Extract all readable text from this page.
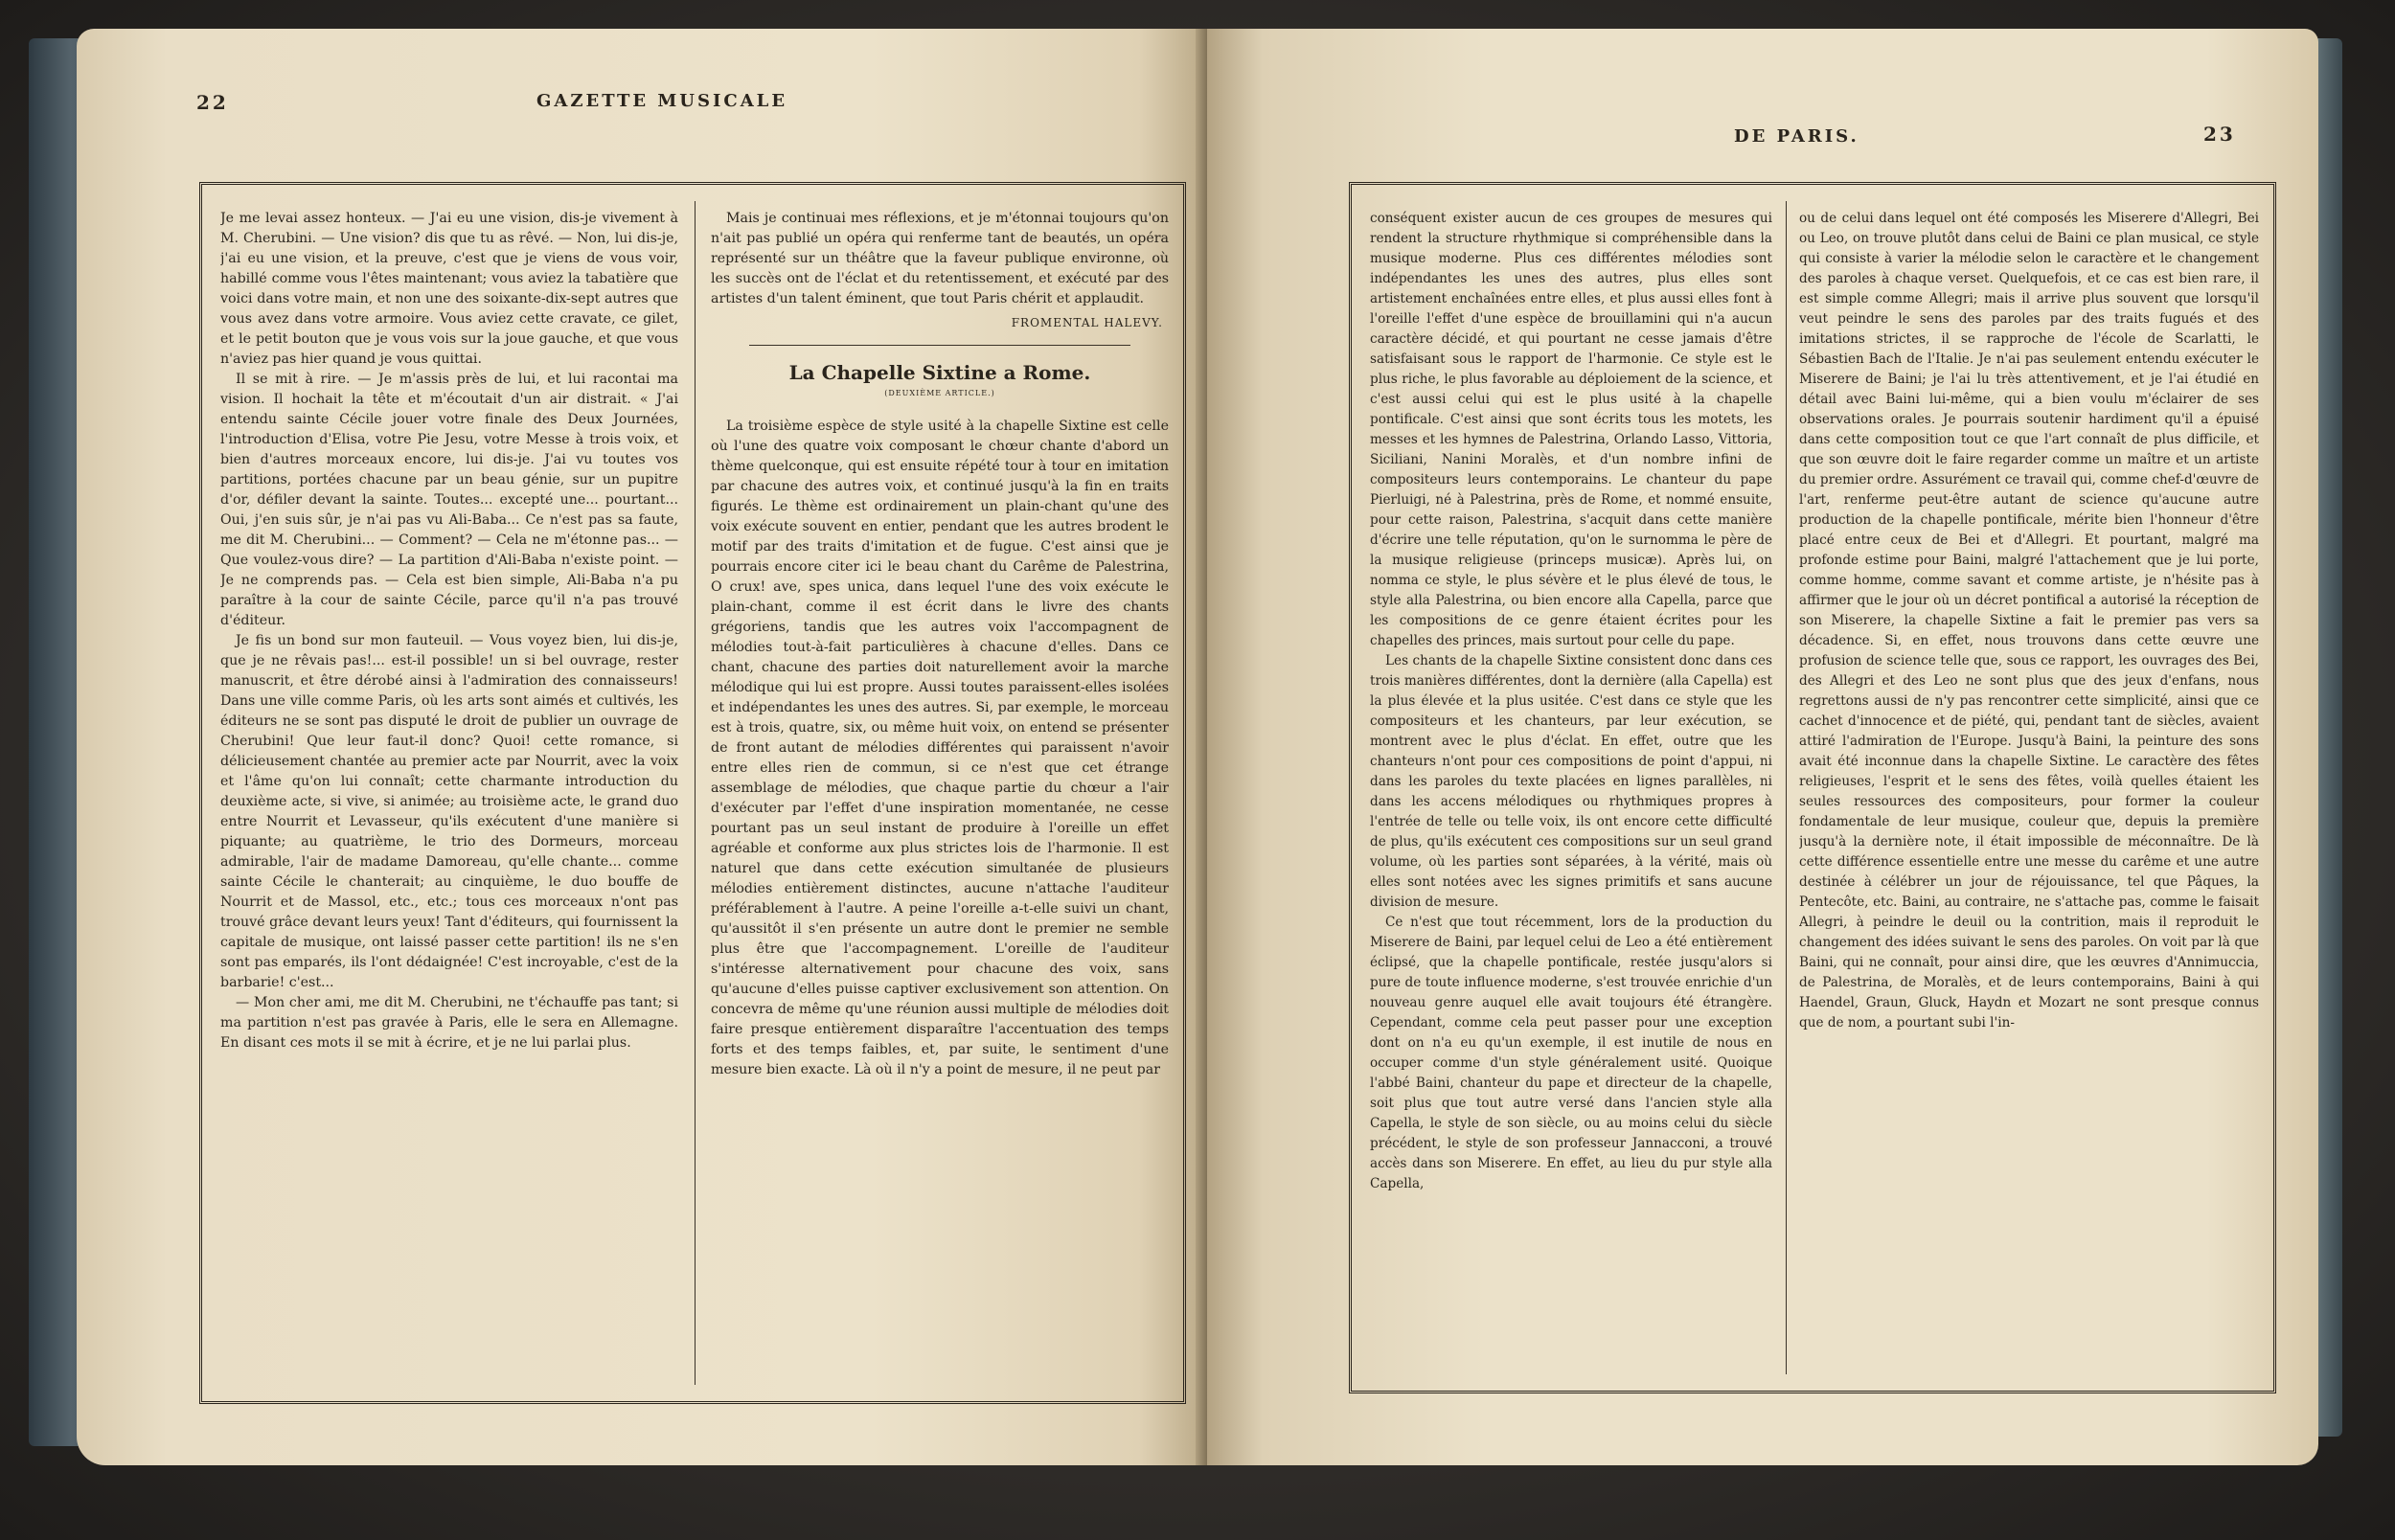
22	GAZETTE MUSICALE

Je me levai assez honteux. — J'ai eu une vision, dis-je vivement à M. Cherubini. — Une vision? dis que tu as rêvé. — Non, lui dis-je, j'ai eu une vision, et la preuve, c'est que je viens de vous voir, habillé comme vous l'êtes maintenant; vous aviez la tabatière que voici dans votre main, et non une des soixante-dix-sept autres que vous avez dans votre armoire. Vous aviez cette cravate, ce gilet, et le petit bouton que je vous vois sur la joue gauche, et que vous n'aviez pas hier quand je vous quittai.

Il se mit à rire. — Je m'assis près de lui, et lui racontai ma vision. Il hochait la tête et m'écoutait d'un air distrait. « J'ai entendu sainte Cécile jouer votre finale des Deux Journées, l'introduction d'Elisa, votre Pie Jesu, votre Messe à trois voix, et bien d'autres morceaux encore, lui dis-je. J'ai vu toutes vos partitions, portées chacune par un beau génie, sur un pupitre d'or, défiler devant la sainte. Toutes... excepté une... pourtant... Oui, j'en suis sûr, je n'ai pas vu Ali-Baba... Ce n'est pas sa faute, me dit M. Cherubini... — Comment? — Cela ne m'étonne pas... — Que voulez-vous dire? — La partition d'Ali-Baba n'existe point. — Je ne comprends pas. — Cela est bien simple, Ali-Baba n'a pu paraître à la cour de sainte Cécile, parce qu'il n'a pas trouvé d'éditeur.

Je fis un bond sur mon fauteuil. — Vous voyez bien, lui dis-je, que je ne rêvais pas!... est-il possible! un si bel ouvrage, rester manuscrit, et être dérobé ainsi à l'admiration des connaisseurs! Dans une ville comme Paris, où les arts sont aimés et cultivés, les éditeurs ne se sont pas disputé le droit de publier un ouvrage de Cherubini! Que leur faut-il donc? Quoi! cette romance, si délicieusement chantée au premier acte par Nourrit, avec la voix et l'âme qu'on lui connaît; cette charmante introduction du deuxième acte, si vive, si animée; au troisième acte, le grand duo entre Nourrit et Levasseur, qu'ils exécutent d'une manière si piquante; au quatrième, le trio des Dormeurs, morceau admirable, l'air de madame Damoreau, qu'elle chante... comme sainte Cécile le chanterait; au cinquième, le duo bouffe de Nourrit et de Massol, etc., etc.; tous ces morceaux n'ont pas trouvé grâce devant leurs yeux! Tant d'éditeurs, qui fournissent la capitale de musique, ont laissé passer cette partition! ils ne s'en sont pas emparés, ils l'ont dédaignée! C'est incroyable, c'est de la barbarie! c'est...

— Mon cher ami, me dit M. Cherubini, ne t'échauffe pas tant; si ma partition n'est pas gravée à Paris, elle le sera en Allemagne. En disant ces mots il se mit à écrire, et je ne lui parlai plus.

Mais je continuai mes réflexions, et je m'étonnai toujours qu'on n'ait pas publié un opéra qui renferme tant de beautés, un opéra représenté sur un théâtre que la faveur publique environne, où les succès ont de l'éclat et du retentissement, et exécuté par des artistes d'un talent éminent, que tout Paris chérit et applaudit.

FROMENTAL HALEVY.

La Chapelle Sixtine a Rome.

(DEUXIÈME ARTICLE.)

La troisième espèce de style usité à la chapelle Sixtine est celle où l'une des quatre voix composant le chœur chante d'abord un thème quelconque, qui est ensuite répété tour à tour en imitation par chacune des autres voix, et continué jusqu'à la fin en traits figurés. Le thème est ordinairement un plain-chant qu'une des voix exécute souvent en entier, pendant que les autres brodent le motif par des traits d'imitation et de fugue. C'est ainsi que je pourrais encore citer ici le beau chant du Carême de Palestrina, O crux! ave, spes unica, dans lequel l'une des voix exécute le plain-chant, comme il est écrit dans le livre des chants grégoriens, tandis que les autres voix l'accompagnent de mélodies tout-à-fait particulières à chacune d'elles. Dans ce chant, chacune des parties doit naturellement avoir la marche mélodique qui lui est propre. Aussi toutes paraissent-elles isolées et indépendantes les unes des autres. Si, par exemple, le morceau est à trois, quatre, six, ou même huit voix, on entend se présenter de front autant de mélodies différentes qui paraissent n'avoir entre elles rien de commun, si ce n'est que cet étrange assemblage de mélodies, que chaque partie du chœur a l'air d'exécuter par l'effet d'une inspiration momentanée, ne cesse pourtant pas un seul instant de produire à l'oreille un effet agréable et conforme aux plus strictes lois de l'harmonie. Il est naturel que dans cette exécution simultanée de plusieurs mélodies entièrement distinctes, aucune n'attache l'auditeur préférablement à l'autre. A peine l'oreille a-t-elle suivi un chant, qu'aussitôt il s'en présente un autre dont le premier ne semble plus être que l'accompagnement. L'oreille de l'auditeur s'intéresse alternativement pour chacune des voix, sans qu'aucune d'elles puisse captiver exclusivement son attention. On concevra de même qu'une réunion aussi multiple de mélodies doit faire presque entièrement disparaître l'accentuation des temps forts et des temps faibles, et, par suite, le sentiment d'une mesure bien exacte. Là où il n'y a point de mesure, il ne peut par

DE PARIS.	23

conséquent exister aucun de ces groupes de mesures qui rendent la structure rhythmique si compréhensible dans la musique moderne. Plus ces différentes mélodies sont indépendantes les unes des autres, plus elles sont artistement enchaînées entre elles, et plus aussi elles font à l'oreille l'effet d'une espèce de brouillamini qui n'a aucun caractère décidé, et qui pourtant ne cesse jamais d'être satisfaisant sous le rapport de l'harmonie. Ce style est le plus riche, le plus favorable au déploiement de la science, et c'est aussi celui qui est le plus usité à la chapelle pontificale. C'est ainsi que sont écrits tous les motets, les messes et les hymnes de Palestrina, Orlando Lasso, Vittoria, Siciliani, Nanini Moralès, et d'un nombre infini de compositeurs leurs contemporains. Le chanteur du pape Pierluigi, né à Palestrina, près de Rome, et nommé ensuite, pour cette raison, Palestrina, s'acquit dans cette manière d'écrire une telle réputation, qu'on le surnomma le père de la musique religieuse (princeps musicæ). Après lui, on nomma ce style, le plus sévère et le plus élevé de tous, le style alla Palestrina, ou bien encore alla Capella, parce que les compositions de ce genre étaient écrites pour les chapelles des princes, mais surtout pour celle du pape.

Les chants de la chapelle Sixtine consistent donc dans ces trois manières différentes, dont la dernière (alla Capella) est la plus élevée et la plus usitée. C'est dans ce style que les compositeurs et les chanteurs, par leur exécution, se montrent avec le plus d'éclat. En effet, outre que les chanteurs n'ont pour ces compositions de point d'appui, ni dans les paroles du texte placées en lignes parallèles, ni dans les accens mélodiques ou rhythmiques propres à l'entrée de telle ou telle voix, ils ont encore cette difficulté de plus, qu'ils exécutent ces compositions sur un seul grand volume, où les parties sont séparées, à la vérité, mais où elles sont notées avec les signes primitifs et sans aucune division de mesure.

Ce n'est que tout récemment, lors de la production du Miserere de Baini, par lequel celui de Leo a été entièrement éclipsé, que la chapelle pontificale, restée jusqu'alors si pure de toute influence moderne, s'est trouvée enrichie d'un nouveau genre auquel elle avait toujours été étrangère. Cependant, comme cela peut passer pour une exception dont on n'a eu qu'un exemple, il est inutile de nous en occuper comme d'un style généralement usité. Quoique l'abbé Baini, chanteur du pape et directeur de la chapelle, soit plus que tout autre versé dans l'ancien style alla Capella, le style de son siècle, ou au moins celui du siècle précédent, le style de son professeur Jannacconi, a trouvé accès dans son Miserere. En effet, au lieu du pur style alla Capella,

ou de celui dans lequel ont été composés les Miserere d'Allegri, Bei ou Leo, on trouve plutôt dans celui de Baini ce plan musical, ce style qui consiste à varier la mélodie selon le caractère et le changement des paroles à chaque verset. Quelquefois, et ce cas est bien rare, il est simple comme Allegri; mais il arrive plus souvent que lorsqu'il veut peindre le sens des paroles par des traits fugués et des imitations strictes, il se rapproche de l'école de Scarlatti, le Sébastien Bach de l'Italie. Je n'ai pas seulement entendu exécuter le Miserere de Baini; je l'ai lu très attentivement, et je l'ai étudié en détail avec Baini lui-même, qui a bien voulu m'éclairer de ses observations orales. Je pourrais soutenir hardiment qu'il a épuisé dans cette composition tout ce que l'art connaît de plus difficile, et que son œuvre doit le faire regarder comme un maître et un artiste du premier ordre. Assurément ce travail qui, comme chef-d'œuvre de l'art, renferme peut-être autant de science qu'aucune autre production de la chapelle pontificale, mérite bien l'honneur d'être placé entre ceux de Bei et d'Allegri. Et pourtant, malgré ma profonde estime pour Baini, malgré l'attachement que je lui porte, comme homme, comme savant et comme artiste, je n'hésite pas à affirmer que le jour où un décret pontifical a autorisé la réception de son Miserere, la chapelle Sixtine a fait le premier pas vers sa décadence. Si, en effet, nous trouvons dans cette œuvre une profusion de science telle que, sous ce rapport, les ouvrages des Bei, des Allegri et des Leo ne sont plus que des jeux d'enfans, nous regrettons aussi de n'y pas rencontrer cette simplicité, ainsi que ce cachet d'innocence et de piété, qui, pendant tant de siècles, avaient attiré l'admiration de l'Europe. Jusqu'à Baini, la peinture des sons avait été inconnue dans la chapelle Sixtine. Le caractère des fêtes religieuses, l'esprit et le sens des fêtes, voilà quelles étaient les seules ressources des compositeurs, pour former la couleur fondamentale de leur musique, couleur que, depuis la première jusqu'à la dernière note, il était impossible de méconnaître. De là cette différence essentielle entre une messe du carême et une autre destinée à célébrer un jour de réjouissance, tel que Pâques, la Pentecôte, etc. Baini, au contraire, ne s'attache pas, comme le faisait Allegri, à peindre le deuil ou la contrition, mais il reproduit le changement des idées suivant le sens des paroles. On voit par là que Baini, qui ne connaît, pour ainsi dire, que les œuvres d'Annimuccia, de Palestrina, de Moralès, et de leurs contemporains, Baini à qui Haendel, Graun, Gluck, Haydn et Mozart ne sont presque connus que de nom, a pourtant subi l'in-
